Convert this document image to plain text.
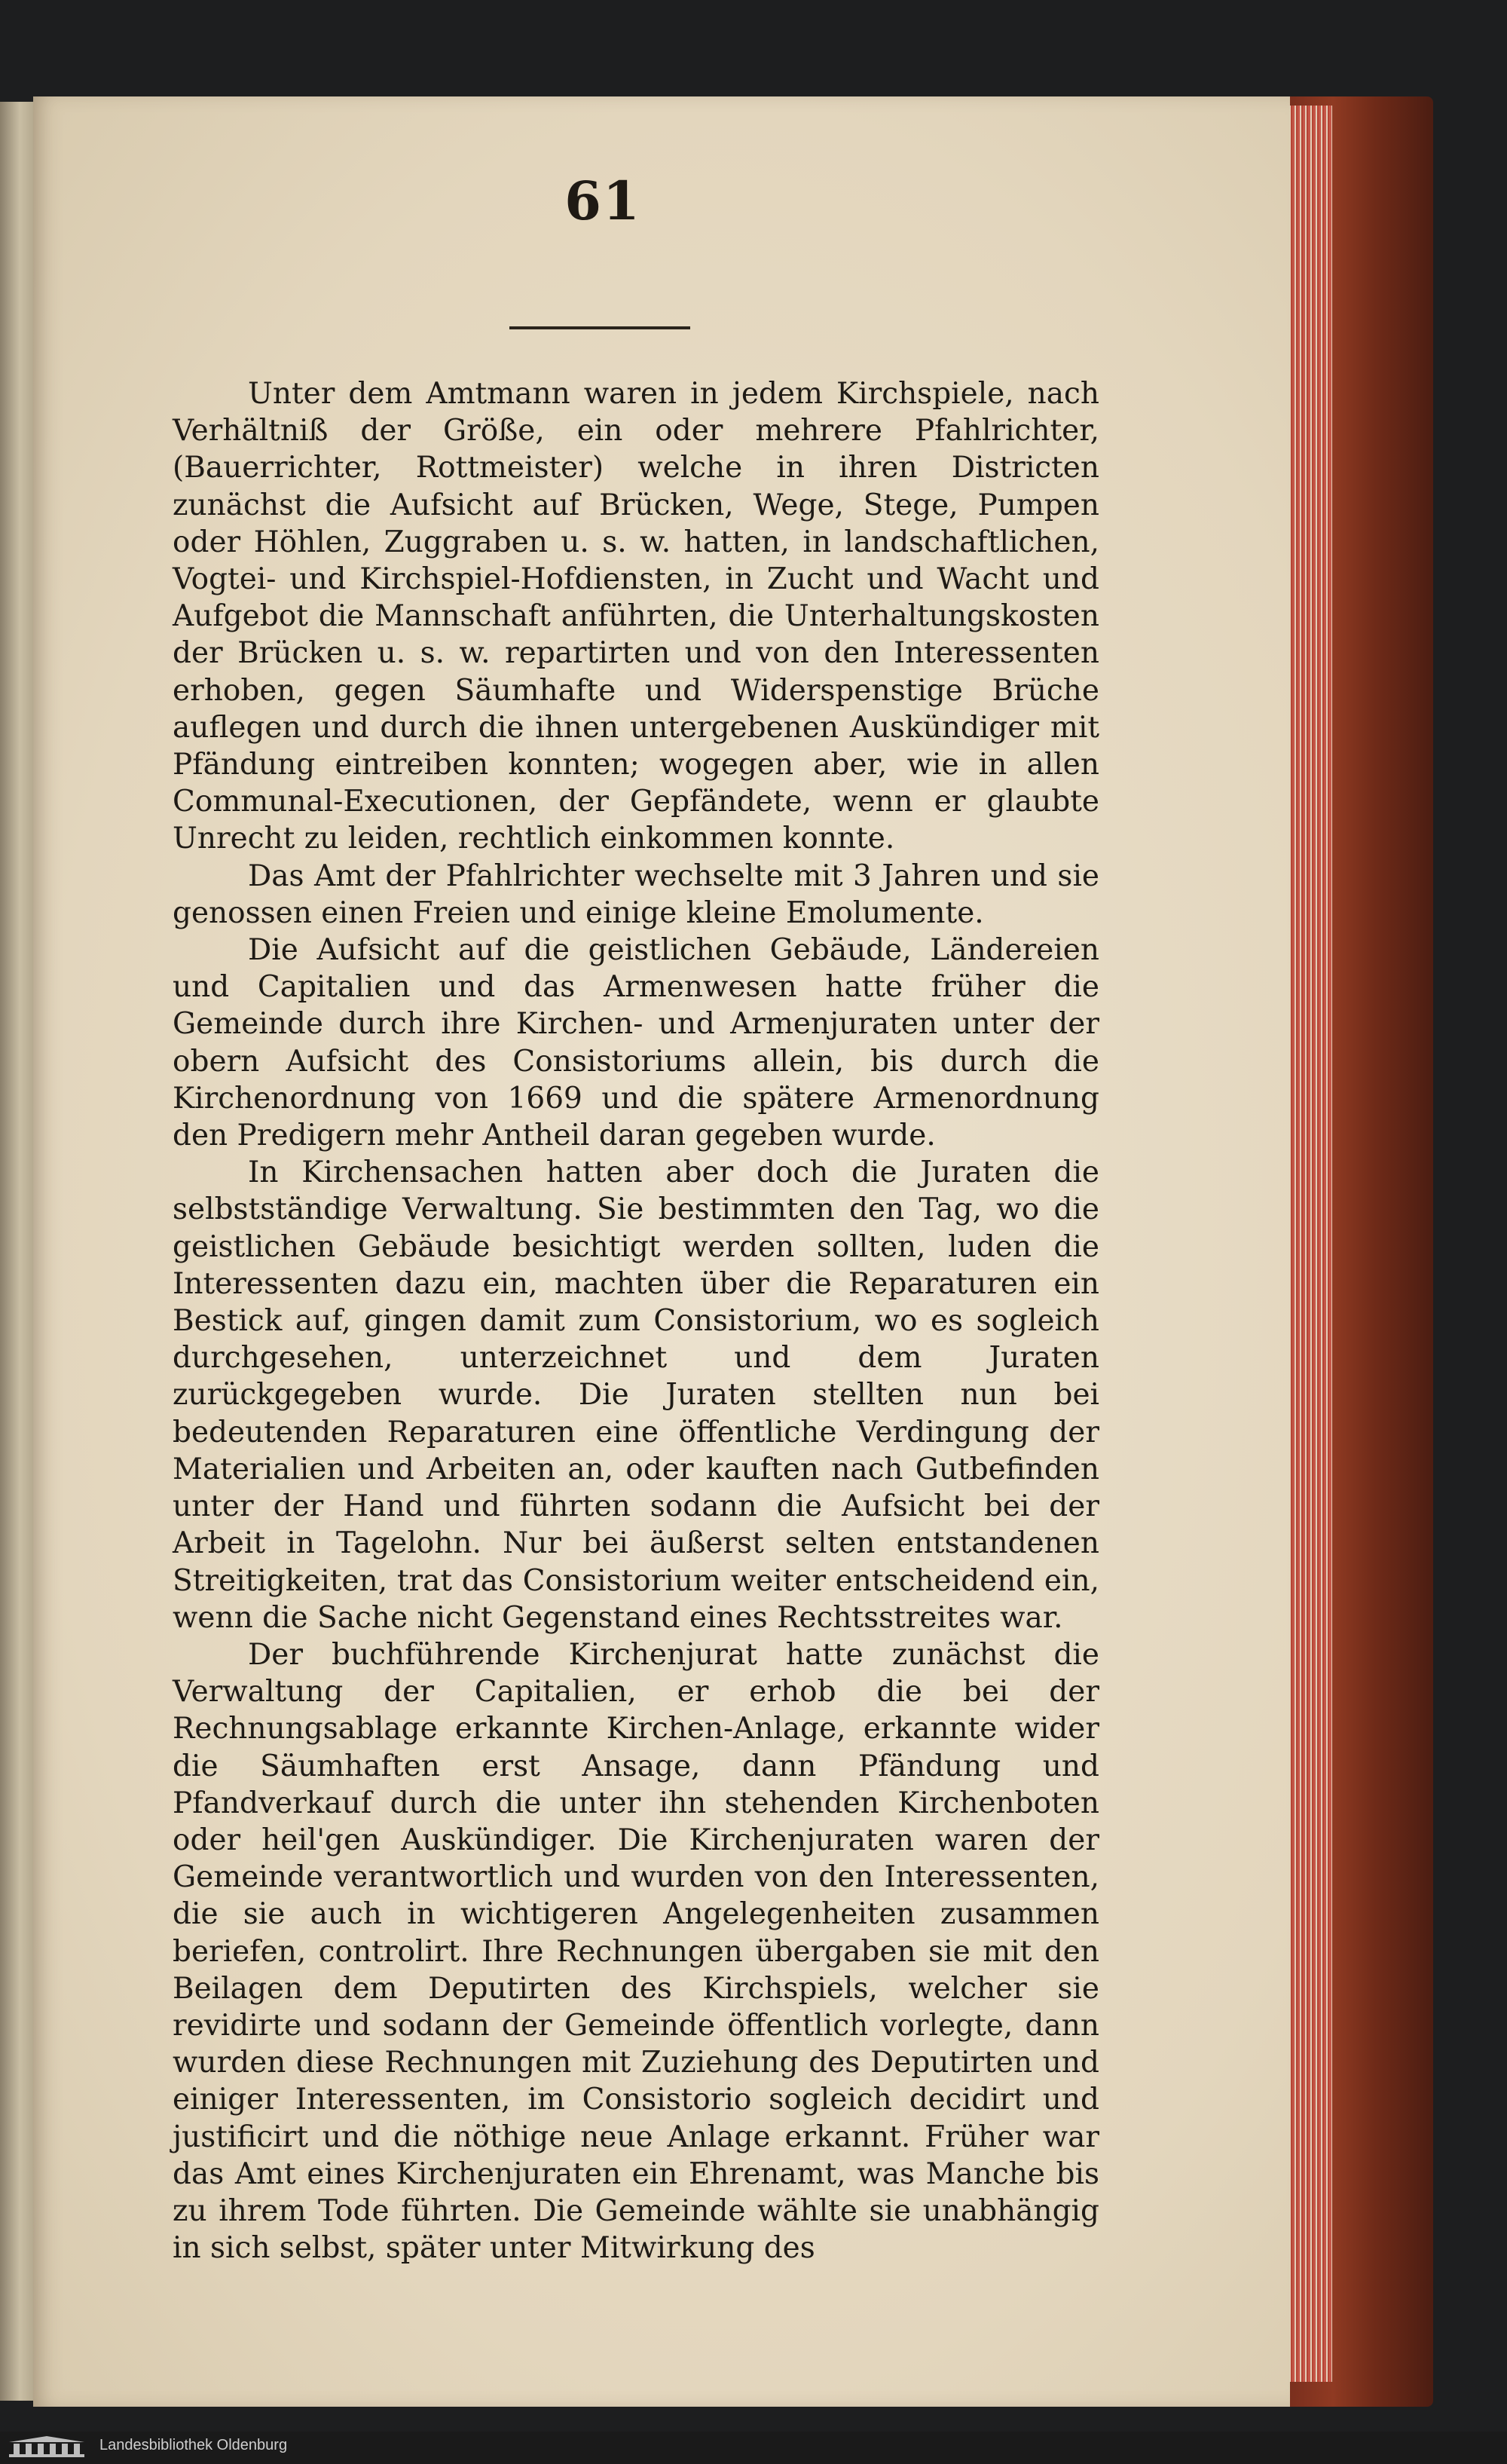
61

Unter dem Amtmann waren in jedem Kirchspiele, nach Verhältniß der Größe, ein oder mehrere Pfahlrichter, (Bauerrichter, Rottmeister) welche in ihren Districten zunächst die Aufsicht auf Brücken, Wege, Stege, Pumpen oder Höhlen, Zuggraben u. s. w. hatten, in landschaftlichen, Vogtei- und Kirchspiel-Hofdiensten, in Zucht und Wacht und Aufgebot die Mannschaft anführten, die Unterhaltungskosten der Brücken u. s. w. repartirten und von den Interessenten erhoben, gegen Säumhafte und Widerspenstige Brüche auflegen und durch die ihnen untergebenen Auskündiger mit Pfändung eintreiben konnten; wogegen aber, wie in allen Communal-Executionen, der Gepfändete, wenn er glaubte Unrecht zu leiden, rechtlich einkommen konnte.

Das Amt der Pfahlrichter wechselte mit 3 Jahren und sie genossen einen Freien und einige kleine Emolumente.

Die Aufsicht auf die geistlichen Gebäude, Ländereien und Capitalien und das Armenwesen hatte früher die Gemeinde durch ihre Kirchen- und Armenjuraten unter der obern Aufsicht des Consistoriums allein, bis durch die Kirchenordnung von 1669 und die spätere Armenordnung den Predigern mehr Antheil daran gegeben wurde.

In Kirchensachen hatten aber doch die Juraten die selbstständige Verwaltung. Sie bestimmten den Tag, wo die geistlichen Gebäude besichtigt werden sollten, luden die Interessenten dazu ein, machten über die Reparaturen ein Bestick auf, gingen damit zum Consistorium, wo es sogleich durchgesehen, unterzeichnet und dem Juraten zurückgegeben wurde. Die Juraten stellten nun bei bedeutenden Reparaturen eine öffentliche Verdingung der Materialien und Arbeiten an, oder kauften nach Gutbefinden unter der Hand und führten sodann die Aufsicht bei der Arbeit in Tagelohn. Nur bei äußerst selten entstandenen Streitigkeiten, trat das Consistorium weiter entscheidend ein, wenn die Sache nicht Gegenstand eines Rechtsstreites war.

Der buchführende Kirchenjurat hatte zunächst die Verwaltung der Capitalien, er erhob die bei der Rechnungsablage erkannte Kirchen-Anlage, erkannte wider die Säumhaften erst Ansage, dann Pfändung und Pfandverkauf durch die unter ihn stehenden Kirchenboten oder heil'gen Auskündiger. Die Kirchenjuraten waren der Gemeinde verantwortlich und wurden von den Interessenten, die sie auch in wichtigeren Angelegenheiten zusammen beriefen, controlirt. Ihre Rechnungen übergaben sie mit den Beilagen dem Deputirten des Kirchspiels, welcher sie revidirte und sodann der Gemeinde öffentlich vorlegte, dann wurden diese Rechnungen mit Zuziehung des Deputirten und einiger Interessenten, im Consistorio sogleich decidirt und justificirt und die nöthige neue Anlage erkannt. Früher war das Amt eines Kirchenjuraten ein Ehrenamt, was Manche bis zu ihrem Tode führten. Die Gemeinde wählte sie unabhängig in sich selbst, später unter Mitwirkung des

Landesbibliothek Oldenburg
